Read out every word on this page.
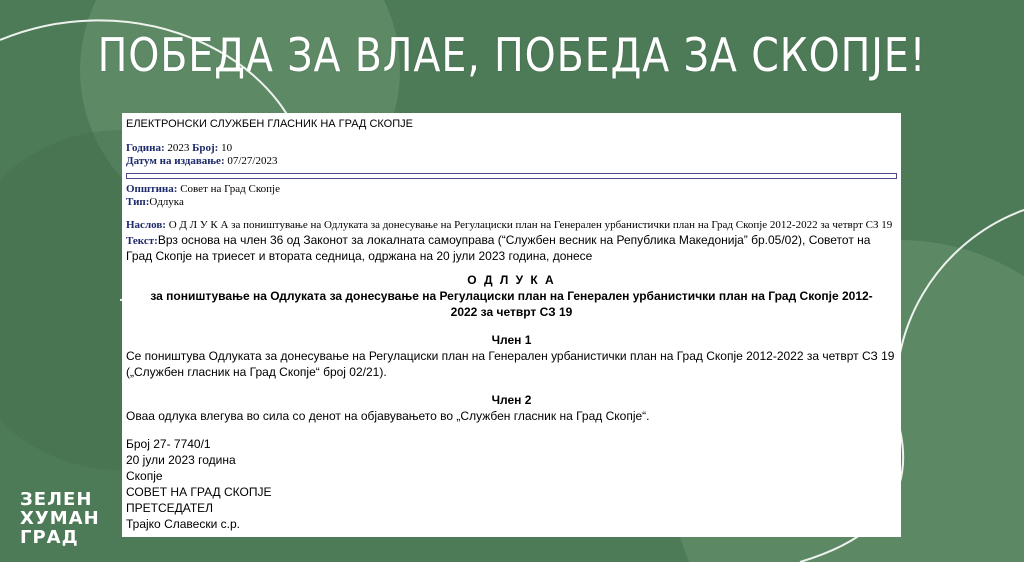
ПОБЕДА ЗА ВЛАЕ, ПОБЕДА ЗА СКОПЈЕ!
ЕЛЕКТРОНСКИ СЛУЖБЕН ГЛАСНИК НА ГРАД СКОПЈЕ
Година: 2023 Број: 10
Датум на издавање: 07/27/2023
Општина: Совет на Град Скопје
Тип:Одлука
Наслов: О Д Л У К А за поништување на Одлуката за донесување на Регулациски план на Генерален урбанистички план на Град Скопје 2012-2022 за четврт СЗ 19
Текст:Врз основа на член 36 од Законот за локалната самоуправа (“Службен весник на Република Македонија” бр.05/02), Советот на Град Скопје на триесет и втората седница, одржана на 20 јули 2023 година, донесе
О Д Л У К А
за поништување на Одлуката за донесување на Регулациски план на Генерален урбанистички план на Град Скопје 2012-2022 за четврт СЗ 19
Член 1
Се поништува Одлуката за донесување на Регулациски план на Генерален урбанистички план на Град Скопје 2012-2022 за четврт СЗ 19 („Службен гласник на Град Скопје“ број 02/21).
Член 2
Оваа одлука влегува во сила со денот на објавувањето во „Службен гласник на Град Скопје“.
Број 27- 7740/1
20 јули 2023 година
Скопје
СОВЕТ НА ГРАД СКОПЈЕ
ПРЕТСЕДАТЕЛ
Трајко Славески с.р.
ЗЕЛЕН
ХУМАН
ГРАД
